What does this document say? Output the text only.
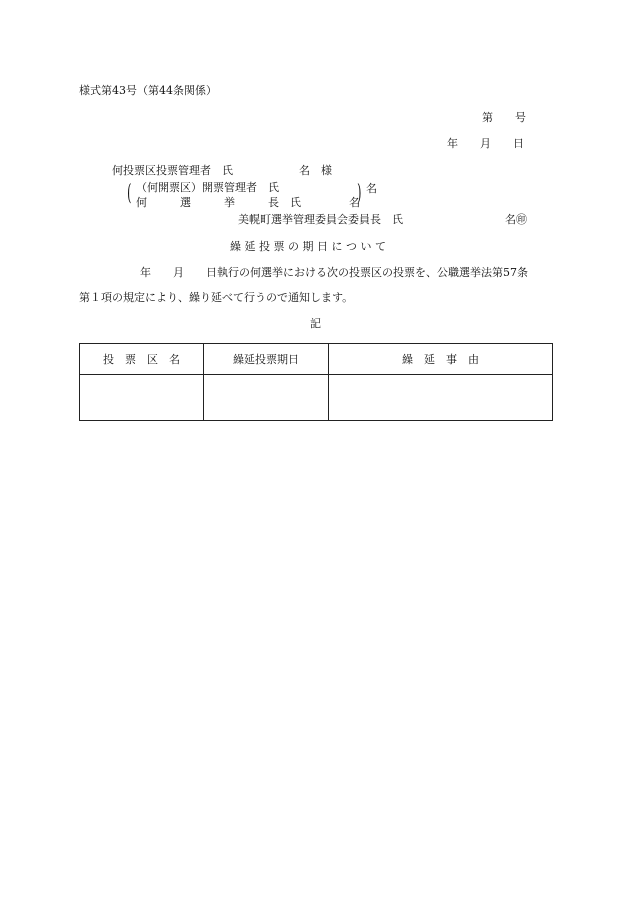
様式第43号（第44条関係）
第　　号
年　　月　　日
何投票区投票管理者　氏　　　　　　名　様
( （何開票区）開票管理者　氏
何　　　選　　　挙　　　長　氏	名
) 名
美幌町選挙管理委員会委員長　氏	名㊞
繰 延 投 票 の 期 日 に つ い て
年　　月　　日執行の何選挙における次の投票区の投票を、公職選挙法第57条
第１項の規定により、繰り延べて行うので通知します。
記
投　票　区　名	繰延投票期日	繰　延　事　由
